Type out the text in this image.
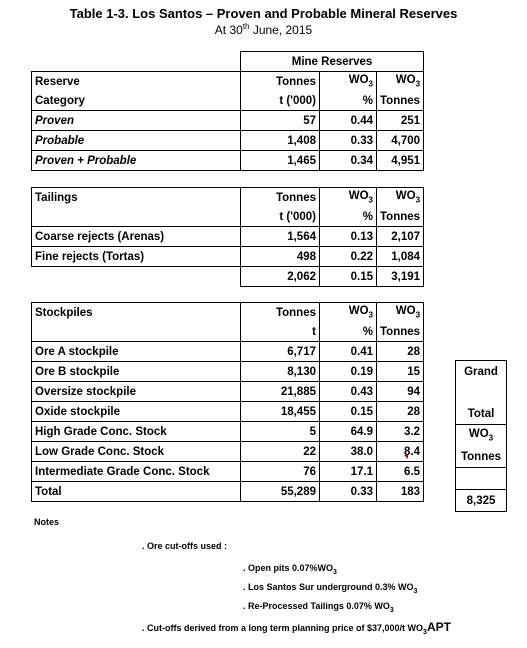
Table 1-3. Los Santos – Proven and Probable Mineral Reserves
At 30th June, 2015
	Mine Reserves		
Reserve	Tonnes	$WO_3$	$WO_3$
Category	t ('000)	%	Tonnes
Proven	57	0.44	251
Probable	1,408	0.33	4,700
Proven + Probable	1,465	0.34	4,951
Tailings	Tonnes	$WO_3$	$WO_3$
	t ('000)	%	Tonnes
Coarse rejects (Arenas)	1,564	0.13	2,107
Fine rejects (Tortas)	498	0.22	1,084
	2,062	0.15	3,191
Stockpiles	Tonnes	$WO_3$	$WO_3$
	t	%	Tonnes
Ore A stockpile	6,717	0.41	28
Ore B stockpile	8,130	0.19	15
Oversize stockpile	21,885	0.43	94
Oxide stockpile	18,455	0.15	28
High Grade Conc. Stock	5	64.9	3.2
Low Grade Conc. Stock	22	38.0	8.4
Intermediate Grade Conc. Stock	76	17.1	6.5
Total	55,289	0.33	183
Grand

Total
$WO_3$
Tonnes

8,325
Notes
. Ore cut-offs used :
. Open pits $0.07\%WO_3$
. Los Santos Sur underground 0.3% $WO_3$
. Re-Processed Tailings 0.07% $WO_3$
. Cut-offs derived from a long term planning price of $37,000/t $WO_3APT$
